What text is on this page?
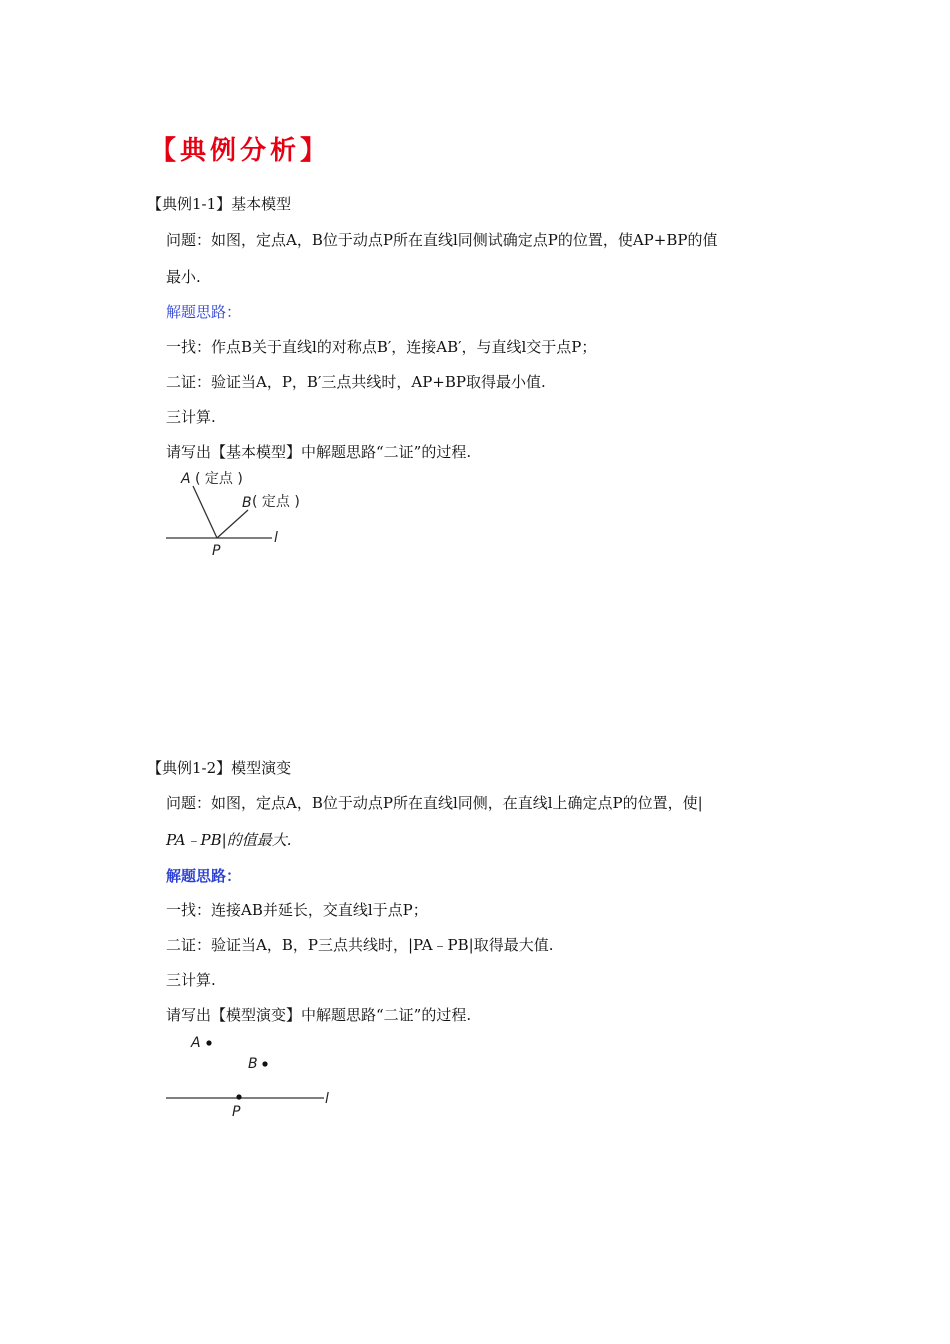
【典例分析】
【典例1-1】基本模型
问题：如图，定点A，B位于动点P所在直线l同侧试确定点P的位置，使AP+BP的值
最小.
解题思路：
一找：作点B关于直线l的对称点B′，连接AB′，与直线l交于点P；
二证：验证当A，P，B′三点共线时，AP+BP取得最小值.
三计算.
请写出【基本模型】中解题思路“二证”的过程.
A ( 定点 )
B ( 定点 )
P
l
【典例1-2】模型演变
问题：如图，定点A，B位于动点P所在直线l同侧，在直线l上确定点P的位置，使|
PA﹣PB|的值最大.
解题思路：
一找：连接AB并延长，交直线l于点P；
二证：验证当A，B，P三点共线时，|PA﹣PB|取得最大值.
三计算.
请写出【模型演变】中解题思路“二证”的过程.
A
B
P
l
